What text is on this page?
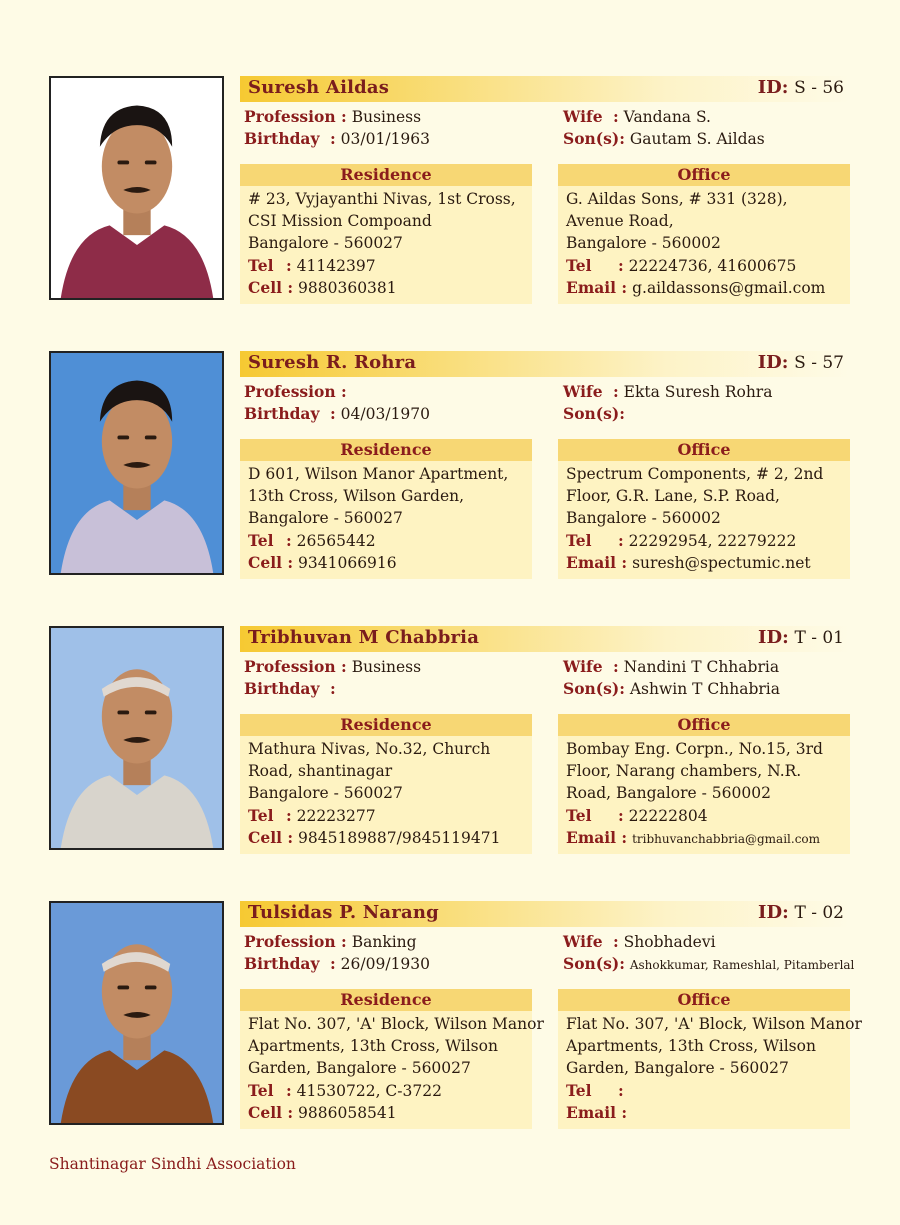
Suresh Aildas	ID: S - 56
Profession : Business
Birthday : 03/01/1963
Wife : Vandana S.
Son(s): Gautam S. Aildas
Residence
# 23, Vyjayanthi Nivas, 1st Cross,
CSI Mission Compoand
Bangalore - 560027
Tel : 41142397
Cell : 9880360381
Office
G. Aildas Sons, # 331 (328),
Avenue Road,
Bangalore - 560002
Tel : 22224736, 41600675
Email : g.aildassons@gmail.com
Suresh R. Rohra	ID: S - 57
Profession :
Birthday : 04/03/1970
Wife : Ekta Suresh Rohra
Son(s):
Residence
D 601, Wilson Manor Apartment,
13th Cross, Wilson Garden,
Bangalore - 560027
Tel : 26565442
Cell : 9341066916
Office
Spectrum Components, # 2, 2nd
Floor, G.R. Lane, S.P. Road,
Bangalore - 560002
Tel : 22292954, 22279222
Email : suresh@spectumic.net
Tribhuvan M Chabbria	ID: T - 01
Profession : Business
Birthday :
Wife : Nandini T Chhabria
Son(s): Ashwin T Chhabria
Residence
Mathura Nivas, No.32, Church
Road, shantinagar
Bangalore - 560027
Tel : 22223277
Cell : 9845189887/9845119471
Office
Bombay Eng. Corpn., No.15, 3rd
Floor, Narang chambers, N.R.
Road, Bangalore - 560002
Tel : 22222804
Email : tribhuvanchabbria@gmail.com
Tulsidas P. Narang	ID: T - 02
Profession : Banking
Birthday : 26/09/1930
Wife : Shobhadevi
Son(s): Ashokkumar, Rameshlal, Pitamberlal
Residence
Flat No. 307, 'A' Block, Wilson Manor
Apartments, 13th Cross, Wilson
Garden, Bangalore - 560027
Tel : 41530722, C-3722
Cell : 9886058541
Office
Flat No. 307, 'A' Block, Wilson Manor
Apartments, 13th Cross, Wilson
Garden, Bangalore - 560027
Tel :
Email :
Shantinagar Sindhi Association
